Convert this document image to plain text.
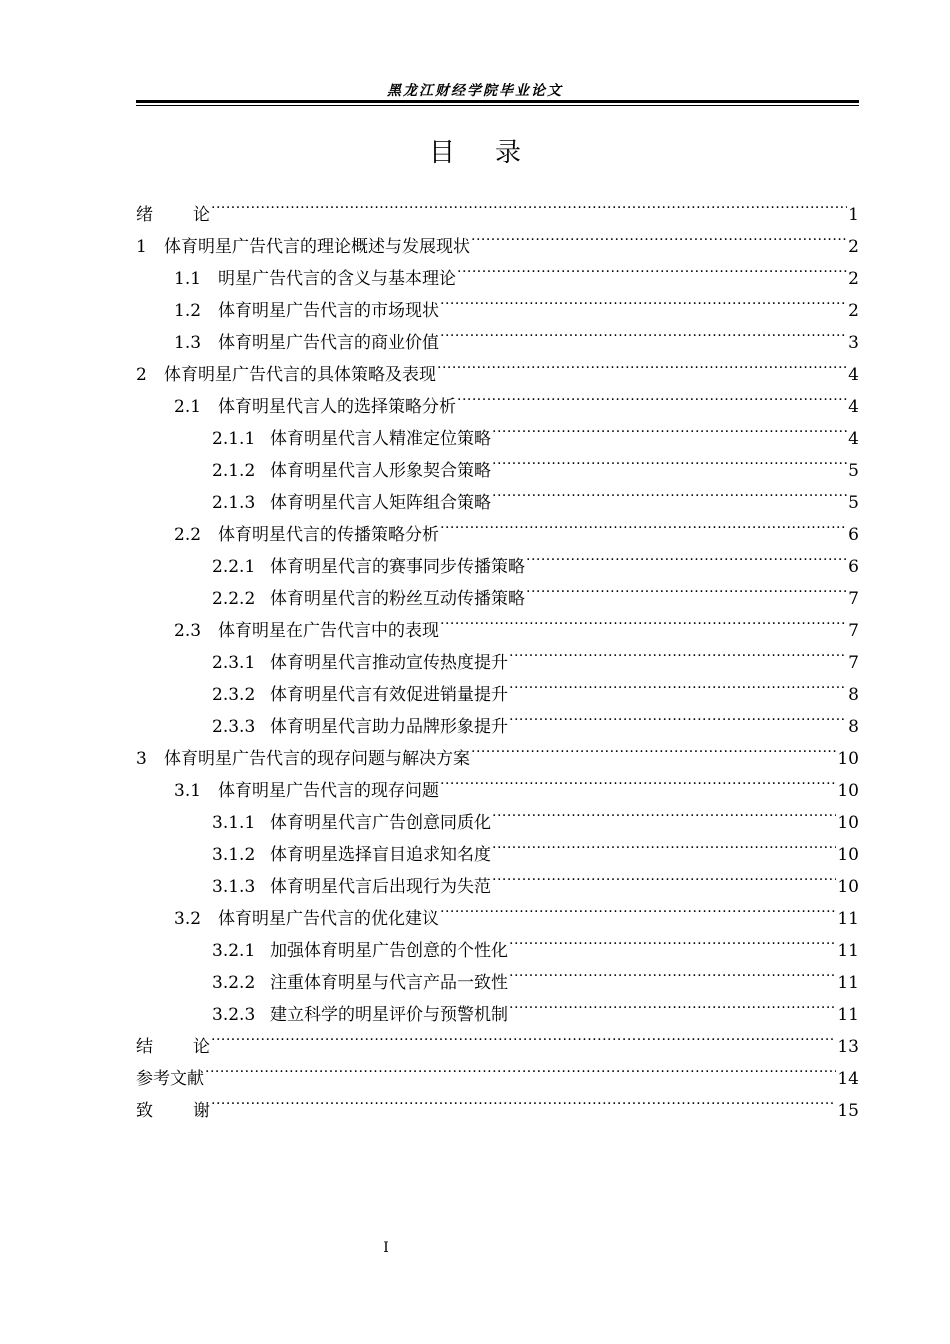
黑龙江财经学院毕业论文
目录
绪论 .....	1
1	体育明星广告代言的理论概述与发展现状 .....	2
1.1 明星广告代言的含义与基本理论 .....	2
1.2 体育明星广告代言的市场现状 .....	2
1.3 体育明星广告代言的商业价值 .....	3
2	体育明星广告代言的具体策略及表现 .....	4
2.1 体育明星代言人的选择策略分析 .....	4
2.1.1 体育明星代言人精准定位策略 .....	4
2.1.2 体育明星代言人形象契合策略 .....	5
2.1.3 体育明星代言人矩阵组合策略 .....	5
2.2 体育明星代言的传播策略分析 .....	6
2.2.1 体育明星代言的赛事同步传播策略 .....	6
2.2.2 体育明星代言的粉丝互动传播策略 .....	7
2.3 体育明星在广告代言中的表现 .....	7
2.3.1 体育明星代言推动宣传热度提升 .....	7
2.3.2 体育明星代言有效促进销量提升 .....	8
2.3.3 体育明星代言助力品牌形象提升 .....	8
3	体育明星广告代言的现存问题与解决方案 .....	10
3.1 体育明星广告代言的现存问题 .....	10
3.1.1 体育明星代言广告创意同质化 .....	10
3.1.2 体育明星选择盲目追求知名度 .....	10
3.1.3 体育明星代言后出现行为失范 .....	10
3.2 体育明星广告代言的优化建议 .....	11
3.2.1 加强体育明星广告创意的个性化 .....	11
3.2.2 注重体育明星与代言产品一致性 .....	11
3.2.3 建立科学的明星评价与预警机制 .....	11
结论 .....	13
参考文献 .....	14
致谢 .....	15
I
